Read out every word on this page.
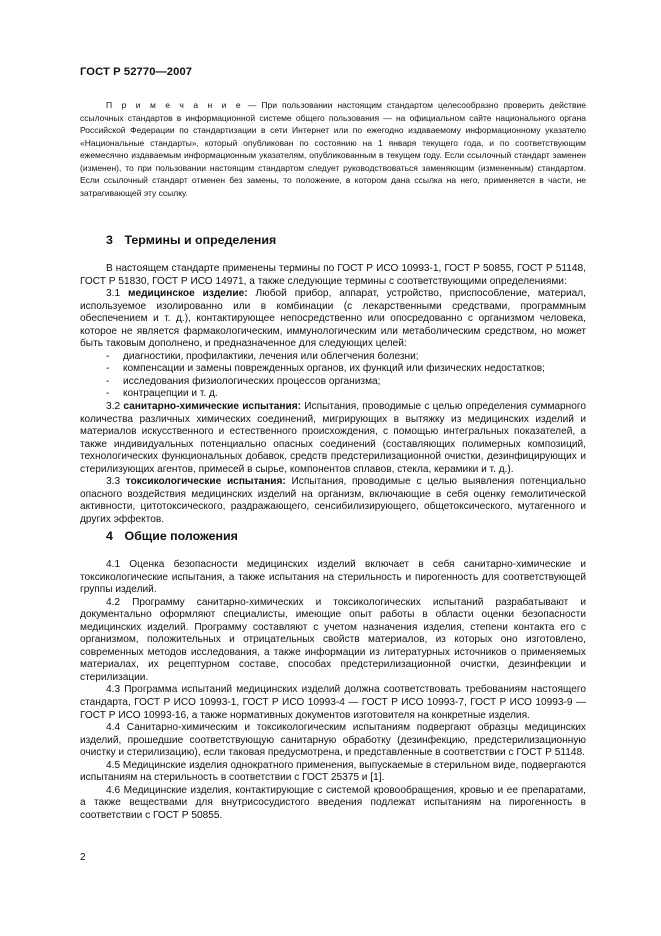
ГОСТ Р 52770—2007
П р и м е ч а н и е — При пользовании настоящим стандартом целесообразно проверить действие ссылочных стандартов в информационной системе общего пользования — на официальном сайте национального органа Российской Федерации по стандартизации в сети Интернет или по ежегодно издаваемому информационному указателю «Национальные стандарты», который опубликован по состоянию на 1 января текущего года, и по соответствующим ежемесячно издаваемым информационным указателям, опубликованным в текущем году. Если ссылочный стандарт заменен (изменен), то при пользовании настоящим стандартом следует руководствоваться заменяющим (измененным) стандартом. Если ссылочный стандарт отменен без замены, то положение, в котором дана ссылка на него, применяется в части, не затрагивающей эту ссылку.
3 Термины и определения

В настоящем стандарте применены термины по ГОСТ Р ИСО 10993-1, ГОСТ Р 50855, ГОСТ Р 51148, ГОСТ Р 51830, ГОСТ Р ИСО 14971, а также следующие термины с соответствующими определениями:

3.1 медицинское изделие: Любой прибор, аппарат, устройство, приспособление, материал, используемое изолированно или в комбинации (с лекарственными средствами, программным обеспечением и т. д.), контактирующее непосредственно или опосредованно с организмом человека, которое не является фармакологическим, иммунологическим или метаболическим средством, но может быть таковым дополнено, и предназначенное для следующих целей:

- диагностики, профилактики, лечения или облегчения болезни;

- компенсации и замены поврежденных органов, их функций или физических недостатков;

- исследования физиологических процессов организма;

- контрацепции и т. д.

3.2 санитарно-химические испытания: Испытания, проводимые с целью определения суммарного количества различных химических соединений, мигрирующих в вытяжку из медицинских изделий и материалов искусственного и естественного происхождения, с помощью интегральных показателей, а также индивидуальных потенциально опасных соединений (составляющих полимерных композиций, технологических функциональных добавок, средств предстерилизационной очистки, дезинфицирующих и стерилизующих агентов, примесей в сырье, компонентов сплавов, стекла, керамики и т. д.).

3.3 токсикологические испытания: Испытания, проводимые с целью выявления потенциально опасного воздействия медицинских изделий на организм, включающие в себя оценку гемолитической активности, цитотоксического, раздражающего, сенсибилизирующего, общетоксического, мутагенного и других эффектов.

4 Общие положения

4.1 Оценка безопасности медицинских изделий включает в себя санитарно-химические и токсикологические испытания, а также испытания на стерильность и пирогенность для соответствующей группы изделий.

4.2 Программу санитарно-химических и токсикологических испытаний разрабатывают и документально оформляют специалисты, имеющие опыт работы в области оценки безопасности медицинских изделий. Программу составляют с учетом назначения изделия, степени контакта его с организмом, положительных и отрицательных свойств материалов, из которых оно изготовлено, современных методов исследования, а также информации из литературных источников о применяемых материалах, их рецептурном составе, способах предстерилизационной очистки, дезинфекции и стерилизации.

4.3 Программа испытаний медицинских изделий должна соответствовать требованиям настоящего стандарта, ГОСТ Р ИСО 10993-1, ГОСТ Р ИСО 10993-4 — ГОСТ Р ИСО 10993-7, ГОСТ Р ИСО 10993-9 — ГОСТ Р ИСО 10993-16, а также нормативных документов изготовителя на конкретные изделия.

4.4 Санитарно-химическим и токсикологическим испытаниям подвергают образцы медицинских изделий, прошедшие соответствующую санитарную обработку (дезинфекцию, предстерилизационную очистку и стерилизацию), если таковая предусмотрена, и представленные в соответствии с ГОСТ Р 51148.

4.5 Медицинские изделия однократного применения, выпускаемые в стерильном виде, подвергаются испытаниям на стерильность в соответствии с ГОСТ 25375 и [1].

4.6 Медицинские изделия, контактирующие с системой кровообращения, кровью и ее препаратами, а также веществами для внутрисосудистого введения подлежат испытаниям на пирогенность в соответствии с ГОСТ Р 50855.

2
